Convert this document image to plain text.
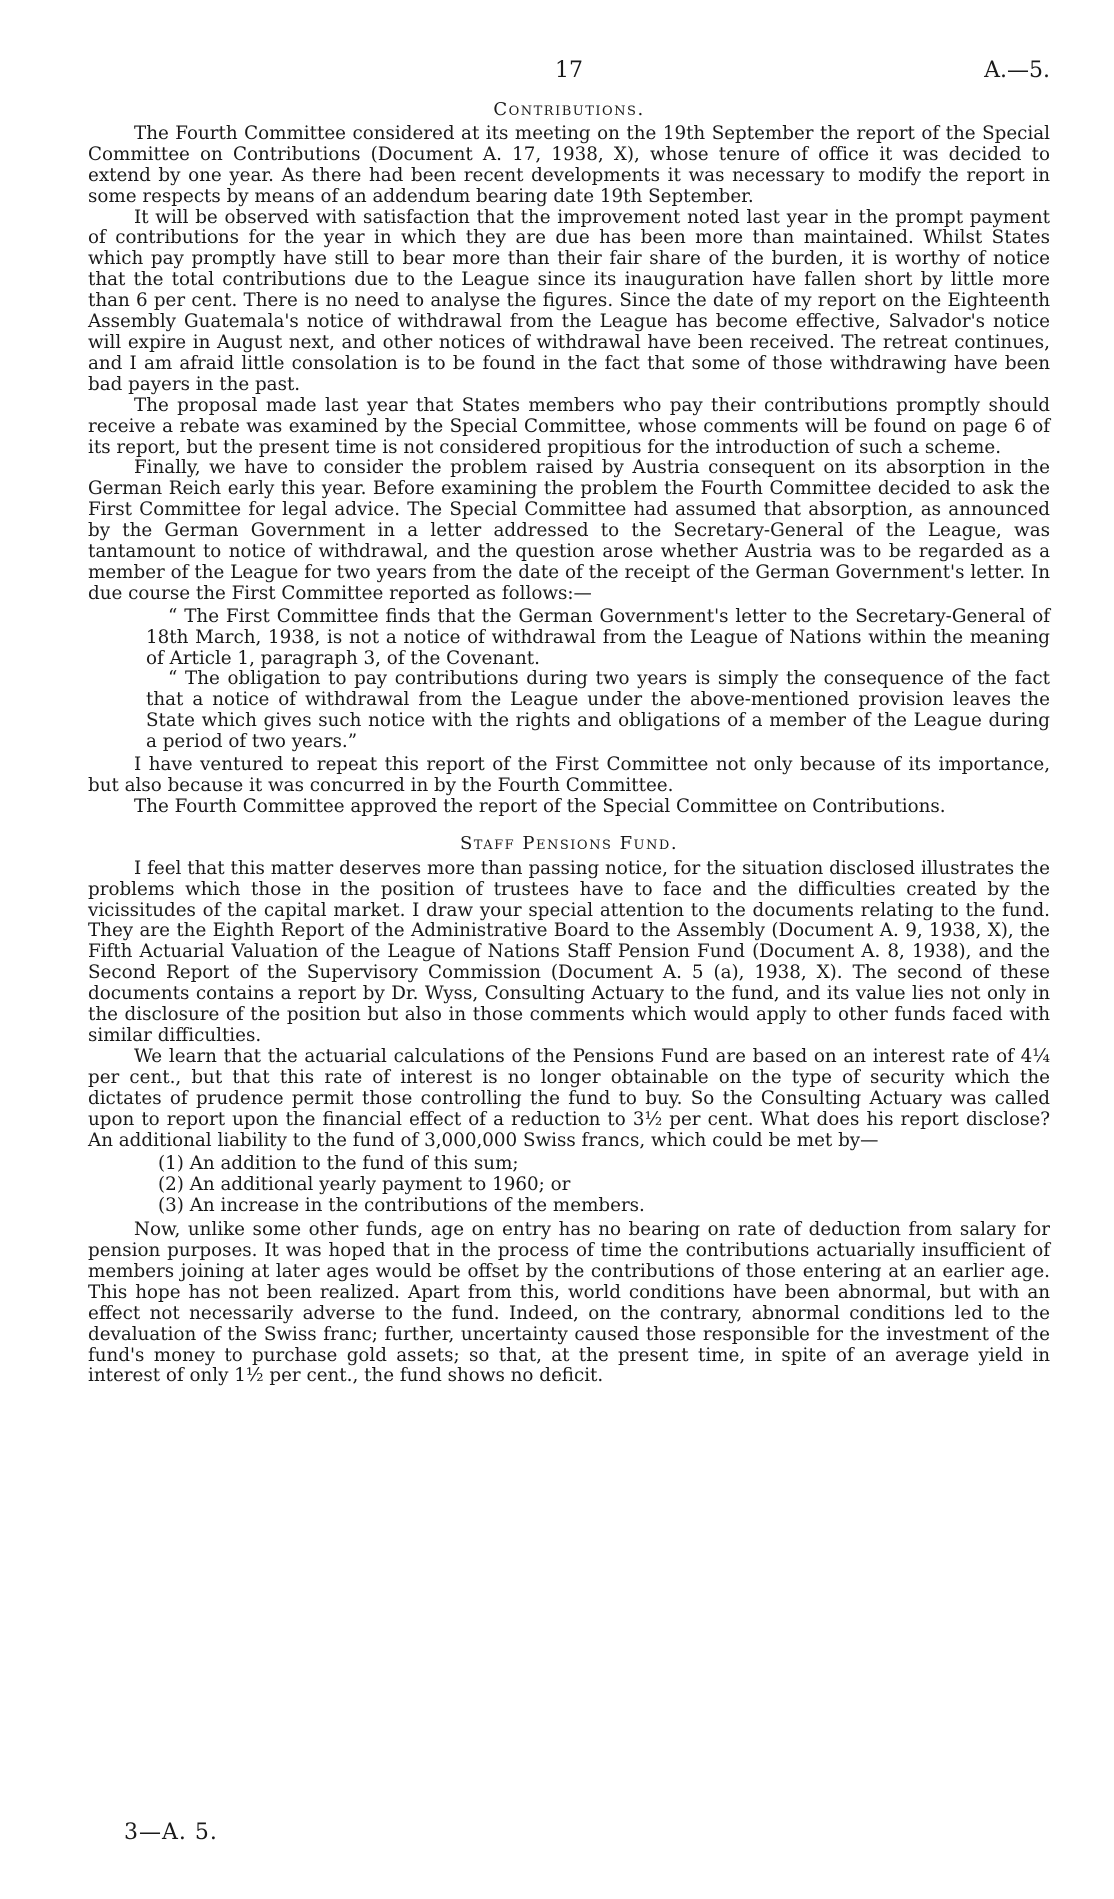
17	A.—5.
Contributions.

The Fourth Committee considered at its meeting on the 19th September the report of the Special Committee on Contributions (Document A. 17, 1938, X), whose tenure of office it was decided to extend by one year. As there had been recent developments it was necessary to modify the report in some respects by means of an addendum bearing date 19th September.

It will be observed with satisfaction that the improvement noted last year in the prompt payment of contributions for the year in which they are due has been more than maintained. Whilst States which pay promptly have still to bear more than their fair share of the burden, it is worthy of notice that the total contributions due to the League since its inauguration have fallen short by little more than 6 per cent. There is no need to analyse the figures. Since the date of my report on the Eighteenth Assembly Guatemala's notice of withdrawal from the League has become effective, Salvador's notice will expire in August next, and other notices of withdrawal have been received. The retreat continues, and I am afraid little consolation is to be found in the fact that some of those withdrawing have been bad payers in the past.

The proposal made last year that States members who pay their contributions promptly should receive a rebate was examined by the Special Committee, whose comments will be found on page 6 of its report, but the present time is not considered propitious for the introduction of such a scheme.

Finally, we have to consider the problem raised by Austria consequent on its absorption in the German Reich early this year. Before examining the problem the Fourth Committee decided to ask the First Committee for legal advice. The Special Committee had assumed that absorption, as announced by the German Government in a letter addressed to the Secretary-General of the League, was tantamount to notice of withdrawal, and the question arose whether Austria was to be regarded as a member of the League for two years from the date of the receipt of the German Government's letter. In due course the First Committee reported as follows:—

“ The First Committee finds that the German Government's letter to the Secretary-General of 18th March, 1938, is not a notice of withdrawal from the League of Nations within the meaning of Article 1, paragraph 3, of the Covenant.

“ The obligation to pay contributions during two years is simply the consequence of the fact that a notice of withdrawal from the League under the above-mentioned provision leaves the State which gives such notice with the rights and obligations of a member of the League during a period of two years.”

I have ventured to repeat this report of the First Committee not only because of its importance, but also because it was concurred in by the Fourth Committee.

The Fourth Committee approved the report of the Special Committee on Contributions.

Staff Pensions Fund.

I feel that this matter deserves more than passing notice, for the situation disclosed illustrates the problems which those in the position of trustees have to face and the difficulties created by the vicissitudes of the capital market. I draw your special attention to the documents relating to the fund. They are the Eighth Report of the Administrative Board to the Assembly (Document A. 9, 1938, X), the Fifth Actuarial Valuation of the League of Nations Staff Pension Fund (Document A. 8, 1938), and the Second Report of the Supervisory Commission (Document A. 5 (a), 1938, X). The second of these documents contains a report by Dr. Wyss, Consulting Actuary to the fund, and its value lies not only in the disclosure of the position but also in those comments which would apply to other funds faced with similar difficulties.

We learn that the actuarial calculations of the Pensions Fund are based on an interest rate of 4¼ per cent., but that this rate of interest is no longer obtainable on the type of security which the dictates of prudence permit those controlling the fund to buy. So the Consulting Actuary was called upon to report upon the financial effect of a reduction to 3½ per cent. What does his report disclose? An additional liability to the fund of 3,000,000 Swiss francs, which could be met by—

(1) An addition to the fund of this sum;
(2) An additional yearly payment to 1960; or
(3) An increase in the contributions of the members.

Now, unlike some other funds, age on entry has no bearing on rate of deduction from salary for pension purposes. It was hoped that in the process of time the contributions actuarially insufficient of members joining at later ages would be offset by the contributions of those entering at an earlier age. This hope has not been realized. Apart from this, world conditions have been abnormal, but with an effect not necessarily adverse to the fund. Indeed, on the contrary, abnormal conditions led to the devaluation of the Swiss franc; further, uncertainty caused those responsible for the investment of the fund's money to purchase gold assets; so that, at the present time, in spite of an average yield in interest of only 1½ per cent., the fund shows no deficit.

3—A. 5.
